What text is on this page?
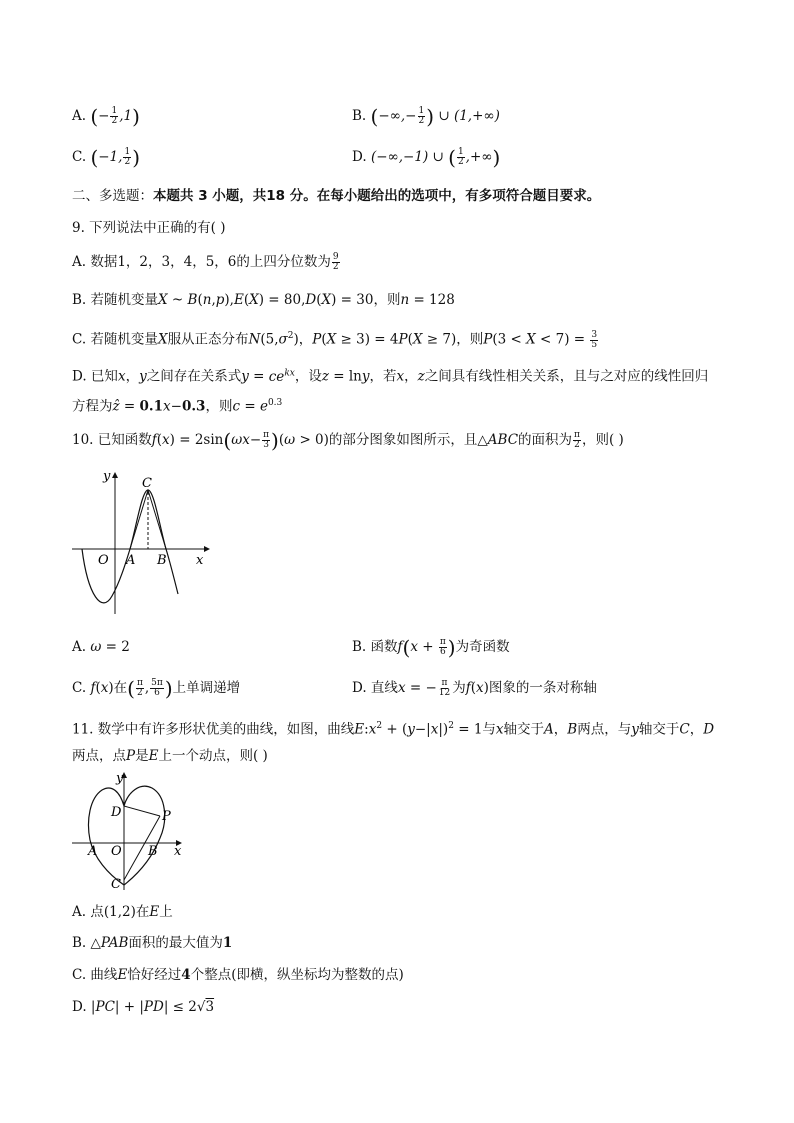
A. (− $\frac{1}{2} ,1$)	B. (−∞,− $\frac{1}{2}$ ) ∪ (1,+∞)
C. (−1, $\frac{1}{2}$ )	D. (−∞,−1) ∪ ( $\frac{1}{2}$ ,+∞)
二、多选题：本题共 3 小题，共18 分。在每小题给出的选项中，有多项符合题目要求。
9. 下列说法中正确的有( )
A. 数据1，2，3，4，5，6的上四分位数为 $\frac{9}{2}$
B. 若随机变量X ~ B(n,p),E(X) = 80,D(X) = 30，则n = 128
C. 若随机变量X服从正态分布$N(5,\sigma^2)$，P(X ≥ 3) = 4P(X ≥ 7)，则$P(3 < X < 7) = \frac{3}{5}$
D. 已知x，y之间存在关系式$y = ce^{kx}$，设z = lny，若x，z之间具有线性相关关系，且与之对应的线性回归
方程为ẑ = 0.1x−0.3，则$c = e^{0.3}$
10. 已知函数$f(x) = 2\sin(\omega x- \frac{\pi}{3} )(\omega > 0)$的部分图象如图所示，且△ABC的面积为 $\frac{\pi}{2}$ ，则( )
y
x
O A B
C
A. ω = 2	B. 函数$f(x + \frac{\pi}{6}$ )为奇函数
C. f(x)在( $\frac{\pi}{2}$ , $\frac{5\pi}{6}$ )上单调递增	D. 直线x = − $\frac{\pi}{12}$ 为f(x)图象的一条对称轴
11. 数学中有许多形状优美的曲线，如图，曲线$E:x^2 + (y-|x|)^2 = 1$与x轴交于A，B两点，与y轴交于C，D
两点，点P是E上一个动点，则( )
y
x
D	P
A O B
C
A. 点(1,2)在E上
B. △PAB面积的最大值为1
C. 曲线E恰好经过4个整点(即横，纵坐标均为整数的点)
D. |PC| + |PD| ≤ 2√3
